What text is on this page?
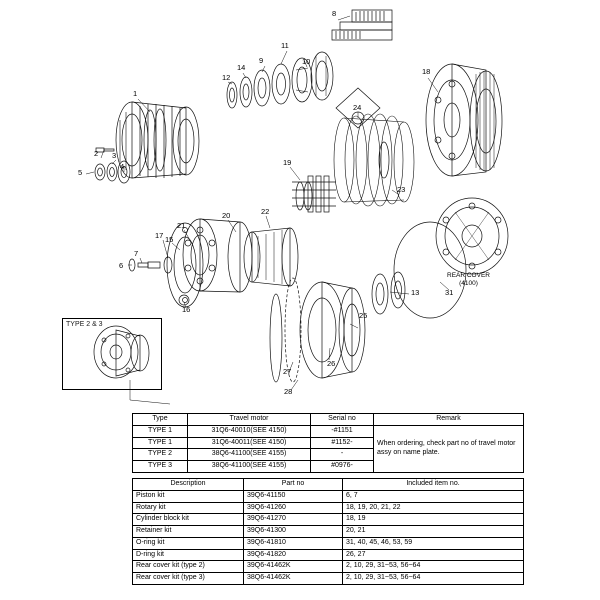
1
2 3
4
5
6
7
8
9	10
11
12
13
14
15
16
17
18
19
20
21
22
23
24
25
26
27
28
31
TYPE 2 & 3
REAR COVER
(4100)
Type	Travel motor	Serial no	Remark
TYPE 1	31Q6-40010(SEE 4150)	-#1151	When ordering, check part no of travel motor assy on name plate.
TYPE 1	31Q6-40011(SEE 4150)	#1152-	
TYPE 2	38Q6-41100(SEE 4155)	-	
TYPE 3	38Q6-41100(SEE 4155)	#0976-	
Description	Part no	Included item no.
Piston kit	39Q6-41150	6, 7
Rotary kit	39Q6-41260	18, 19, 20, 21, 22
Cylinder block kit	39Q6-41270	18, 19
Retainer kit	39Q6-41300	20, 21
O-ring kit	39Q6-41810	31, 40, 45, 46, 53, 59
D-ring kit	39Q6-41820	26, 27
Rear cover kit (type 2)	39Q6-41462K	2, 10, 29, 31~53, 56~64
Rear cover kit (type 3)	38Q6-41462K	2, 10, 29, 31~53, 56~64
